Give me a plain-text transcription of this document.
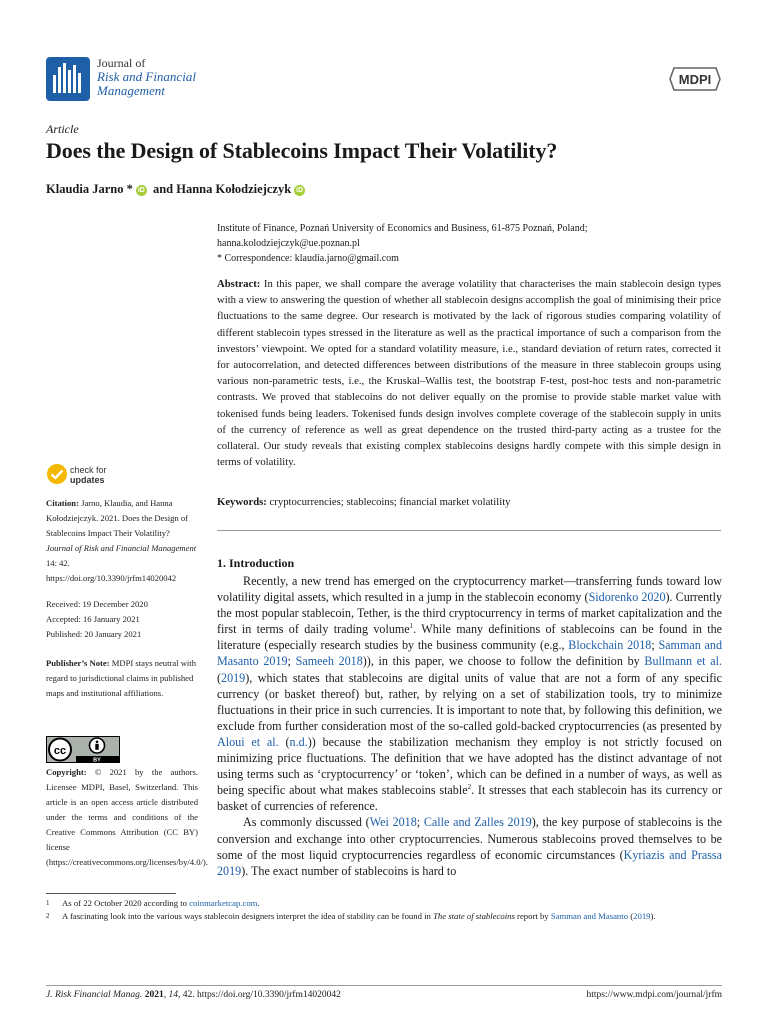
Journal of
Risk and Financial
Management
MDPI
Article
Does the Design of Stablecoins Impact Their Volatility?
Klaudia Jarno * iD and Hanna Kołodziejczyk iD
Institute of Finance, Poznań University of Economics and Business, 61-875 Poznań, Poland;
hanna.kolodziejczyk@ue.poznan.pl
* Correspondence: klaudia.jarno@gmail.com
Abstract: In this paper, we shall compare the average volatility that characterises the main stablecoin design types with a view to answering the question of whether all stablecoin designs accomplish the goal of minimising their price fluctuations to the same degree. Our research is motivated by the lack of rigorous studies comparing volatility of different stablecoin types stressed in the literature as well as the practical importance of such a comparison from the investors’ viewpoint. We opted for a standard volatility measure, i.e., standard deviation of return rates, corrected it for autocorrelation, and detected differences between distributions of the measure in three stablecoin groups using various non-parametric tests, i.e., the Kruskal–Wallis test, the bootstrap F-test, post-hoc tests and non-parametric contrasts. We proved that stablecoins do not deliver equally on the promise to provide stable market value with tokenised funds being leaders. Tokenised funds design involves complete coverage of the stablecoin supply in units of the currency of reference as well as great dependence on the trusted third-party acting as a trustee for the collateral. Our study reveals that existing complex stablecoins designs hardly compete with this simple design in terms of volatility.
Keywords: cryptocurrencies; stablecoins; financial market volatility
check for
updates
Citation: Jarno, Klaudia, and Hanna Kołodziejczyk. 2021. Does the Design of Stablecoins Impact Their Volatility? Journal of Risk and Financial Management 14: 42. https://doi.org/10.3390/jrfm14020042
Received: 19 December 2020
Accepted: 16 January 2021
Published: 20 January 2021
Publisher’s Note: MDPI stays neutral with regard to jurisdictional claims in published maps and institutional affiliations.
cc
BY
Copyright: © 2021 by the authors. Licensee MDPI, Basel, Switzerland. This article is an open access article distributed under the terms and conditions of the Creative Commons Attribution (CC BY) license (https://creativecommons.org/licenses/by/4.0/).
1. Introduction

Recently, a new trend has emerged on the cryptocurrency market—transferring funds toward low volatility digital assets, which resulted in a jump in the stablecoin economy (Sidorenko 2020). Currently the most popular stablecoin, Tether, is the third cryptocurrency in terms of market capitalization and the first in terms of daily trading volume$^1$. While many definitions of stablecoins can be found in the literature (especially research studies by the business community (e.g., Blockchain 2018; Samman and Masanto 2019; Sameeh 2018)), in this paper, we choose to follow the definition by Bullmann et al. (2019), which states that stablecoins are digital units of value that are not a form of any specific currency (or basket thereof) but, rather, by relying on a set of stabilization tools, try to minimize fluctuations in their price in such currencies. It is important to note that, by following this definition, we exclude from further consideration most of the so-called gold-backed cryptocurrencies (as presented by Aloui et al. (n.d.)) because the stabilization mechanism they employ is not strictly focused on minimizing price fluctuations. The definition that we have adopted has the distinct advantage of not using terms such as ‘cryptocurrency’ or ‘token’, which can be defined in a number of ways, as well as being specific about what makes stablecoins stable$^2$. It stresses that each stablecoin has its currency or basket of currencies of reference.

As commonly discussed (Wei 2018; Calle and Zalles 2019), the key purpose of stablecoins is the conversion and exchange into other cryptocurrencies. Numerous stablecoins proved themselves to be some of the most liquid cryptocurrencies regardless of economic circumstances (Kyriazis and Prassa 2019). The exact number of stablecoins is hard to

1 As of 22 October 2020 according to coinmarketcap.com.
2 A fascinating look into the various ways stablecoin designers interpret the idea of stability can be found in The state of stablecoins report by Samman and Masanto (2019).
J. Risk Financial Manag. 2021, 14, 42. https://doi.org/10.3390/jrfm14020042	https://www.mdpi.com/journal/jrfm
